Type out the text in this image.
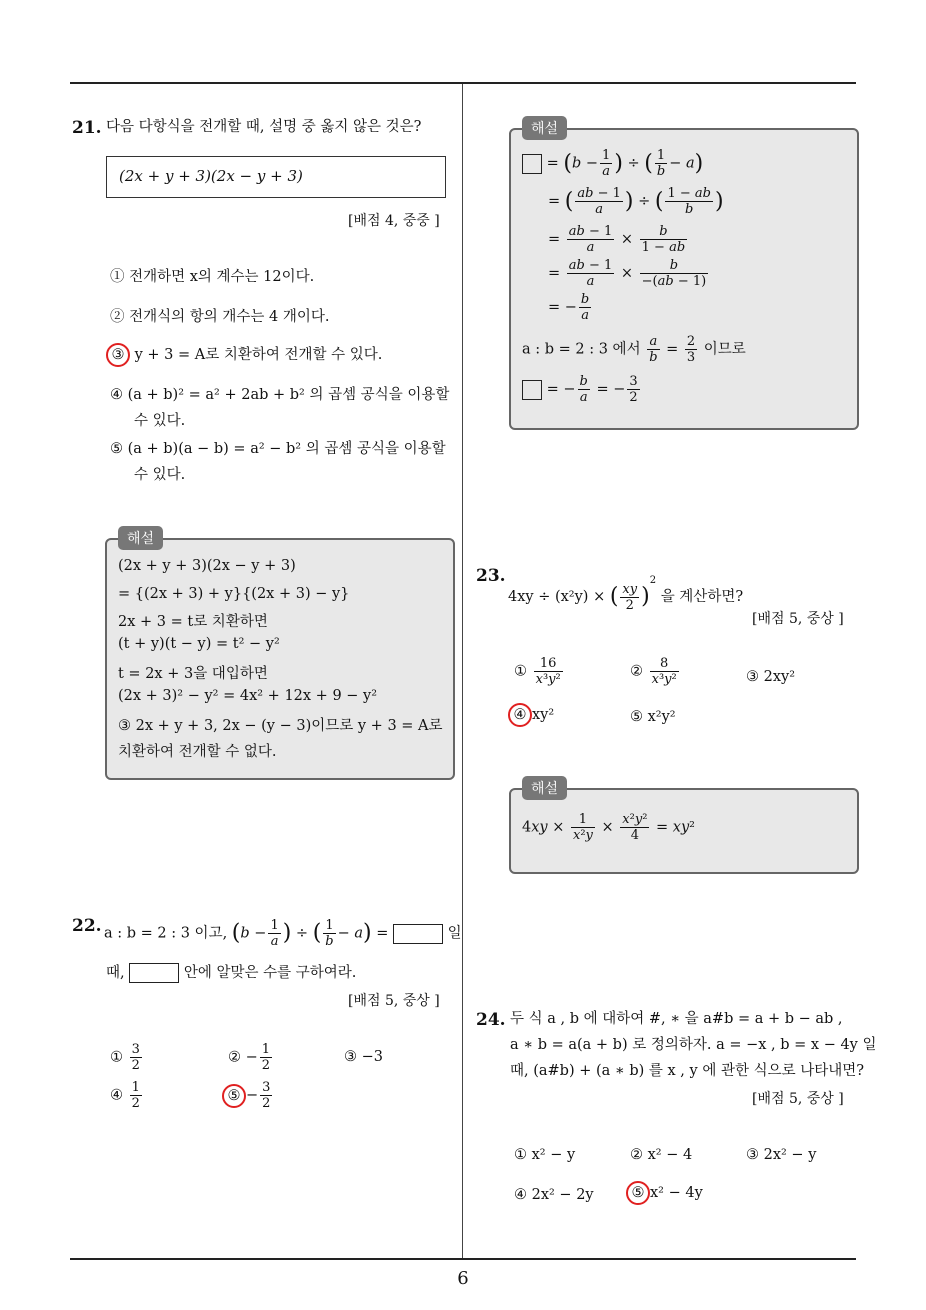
21. 다음 다항식을 전개할 때, 설명 중 옳지 않은 것은?
(2x + y + 3)(2x − y + 3)
[배점 4, 중중 ]
① 전개하면 x의 계수는 12이다.
② 전개식의 항의 개수는 4 개이다.
③ y + 3 = A로 치환하여 전개할 수 있다.
④ (a + b)² = a² + 2ab + b² 의 곱셈 공식을 이용할
수 있다.
⑤ (a + b)(a − b) = a² − b² 의 곱셈 공식을 이용할
수 있다.
해설
(2x + y + 3)(2x − y + 3)
= {(2x + 3) + y}{(2x + 3) − y}
2x + 3 = t로 치환하면
(t + y)(t − y) = t² − y²
t = 2x + 3을 대입하면
(2x + 3)² − y² = 4x² + 12x + 9 − y²
③ 2x + y + 3, 2x − (y − 3)이므로 y + 3 = A로
치환하여 전개할 수 없다.
22. a : b = 2 : 3 이고, ($b - \frac{1}{a}$ ) ÷ ( $\frac{1}{b} - a$) =	일
때,	안에 알맞은 수를 구하여라.
[배점 5, 중상 ]
① $\frac{3}{2}$	② − $\frac{1}{2}$	③ −3
④ $\frac{1}{2}$	⑤ − $\frac{3}{2}$
해설
= ($b - \frac{1}{a}$ ) ÷ ( $\frac{1}{b} - a$)
= ( $\frac{ab - 1}{a}$ ) ÷ ( $\frac{1 - ab}{b}$ )
= $\frac{ab - 1}{a} \times \frac{b}{1 - ab}$
= $\frac{ab - 1}{a} \times \frac{b}{-(ab - 1)}$
= − $\frac{b}{a}$
a : b = 2 : 3 에서 $\frac{a}{b} = \frac{2}{3}$ 이므로
= − $\frac{b}{a}$ = − $\frac{3}{2}$
23.
4xy ÷ (x²y) × ( $\frac{xy}{2} )^2$ 을 계산하면?
[배점 5, 중상 ]
① $\frac{16}{\text{x³y²}}$	② $\frac{8}{\text{x³y²}}$	③ 2xy²
④ xy²	⑤ x²y²
해설
$4xy \times \frac{1}{\text{x²y}} \times \frac{\text{x²y²}}{4} = xy^2$
24. 두 식 a , b 에 대하여 #, ∗ 을 a#b = a + b − ab ,
a ∗ b = a(a + b) 로 정의하자. a = −x , b = x − 4y 일
때, (a#b) + (a ∗ b) 를 x , y 에 관한 식으로 나타내면?
[배점 5, 중상 ]
① x² − y	② x² − 4	③ 2x² − y
④ 2x² − 2y	⑤ x² − 4y
6
